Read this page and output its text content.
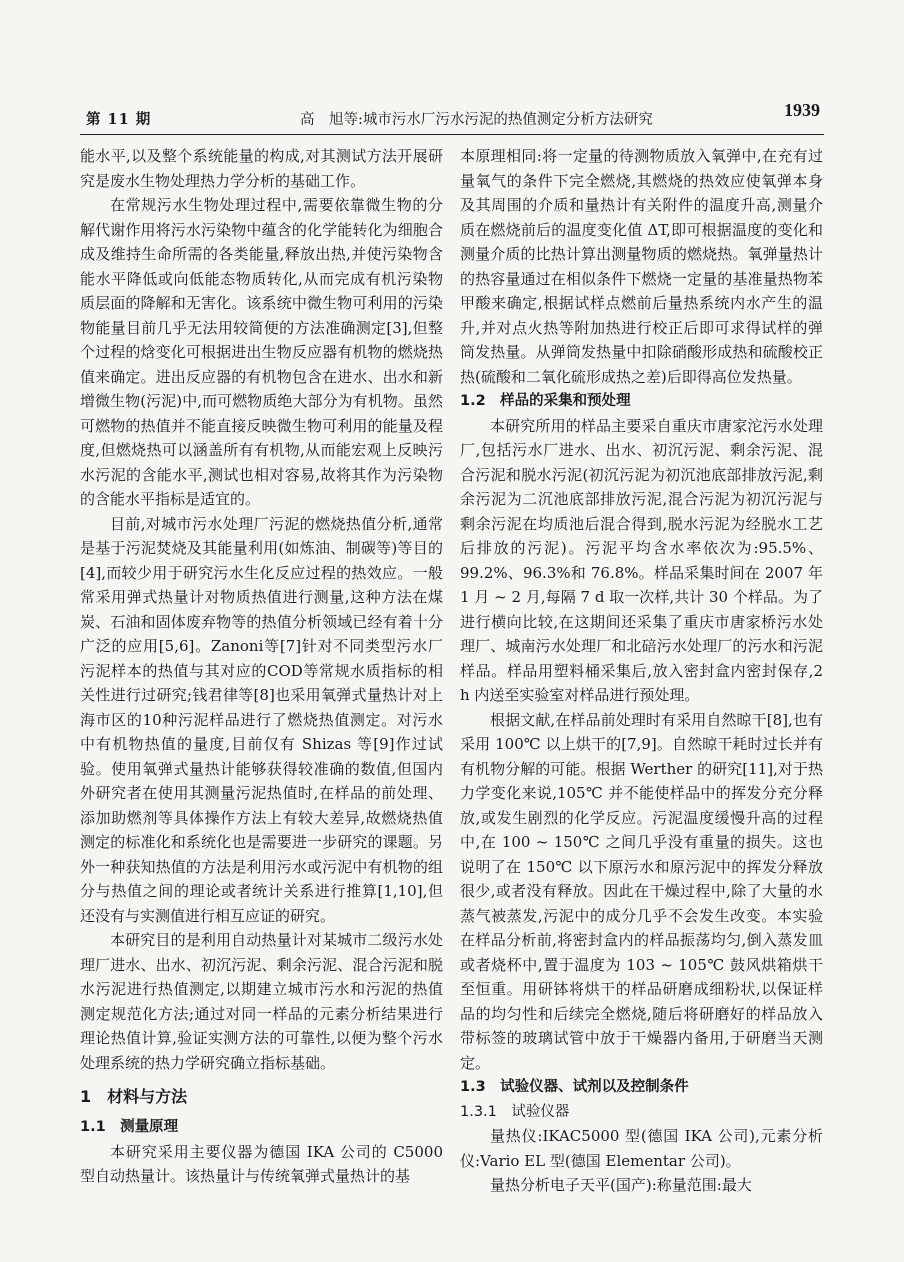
第 11 期	高　旭等:城市污水厂污水污泥的热值测定分析方法研究	1939

能水平,以及整个系统能量的构成,对其测试方法开展研究是废水生物处理热力学分析的基础工作。

在常规污水生物处理过程中,需要依靠微生物的分解代谢作用将污水污染物中蕴含的化学能转化为细胞合成及维持生命所需的各类能量,释放出热,并使污染物含能水平降低或向低能态物质转化,从而完成有机污染物质层面的降解和无害化。该系统中微生物可利用的污染物能量目前几乎无法用较简便的方法准确测定[3],但整个过程的焓变化可根据进出生物反应器有机物的燃烧热值来确定。进出反应器的有机物包含在进水、出水和新增微生物(污泥)中,而可燃物质绝大部分为有机物。虽然可燃物的热值并不能直接反映微生物可利用的能量及程度,但燃烧热可以涵盖所有有机物,从而能宏观上反映污水污泥的含能水平,测试也相对容易,故将其作为污染物的含能水平指标是适宜的。

目前,对城市污水处理厂污泥的燃烧热值分析,通常是基于污泥焚烧及其能量利用(如炼油、制碳等)等目的[4],而较少用于研究污水生化反应过程的热效应。一般常采用弹式热量计对物质热值进行测量,这种方法在煤炭、石油和固体废弃物等的热值分析领域已经有着十分广泛的应用[5,6]。Zanoni等[7]针对不同类型污水厂污泥样本的热值与其对应的COD等常规水质指标的相关性进行过研究;钱君律等[8]也采用氧弹式量热计对上海市区的10种污泥样品进行了燃烧热值测定。对污水中有机物热值的量度,目前仅有 Shizas 等[9]作过试验。使用氧弹式量热计能够获得较准确的数值,但国内外研究者在使用其测量污泥热值时,在样品的前处理、添加助燃剂等具体操作方法上有较大差异,故燃烧热值测定的标准化和系统化也是需要进一步研究的课题。另外一种获知热值的方法是利用污水或污泥中有机物的组分与热值之间的理论或者统计关系进行推算[1,10],但还没有与实测值进行相互应证的研究。

本研究目的是利用自动热量计对某城市二级污水处理厂进水、出水、初沉污泥、剩余污泥、混合污泥和脱水污泥进行热值测定,以期建立城市污水和污泥的热值测定规范化方法;通过对同一样品的元素分析结果进行理论热值计算,验证实测方法的可靠性,以便为整个污水处理系统的热力学研究确立指标基础。

1　材料与方法
1.1　测量原理

本研究采用主要仪器为德国 IKA 公司的 C5000 型自动热量计。该热量计与传统氧弹式量热计的基

本原理相同:将一定量的待测物质放入氧弹中,在充有过量氧气的条件下完全燃烧,其燃烧的热效应使氧弹本身及其周围的介质和量热计有关附件的温度升高,测量介质在燃烧前后的温度变化值 ΔT,即可根据温度的变化和测量介质的比热计算出测量物质的燃烧热。氧弹量热计的热容量通过在相似条件下燃烧一定量的基准量热物苯甲酸来确定,根据试样点燃前后量热系统内水产生的温升,并对点火热等附加热进行校正后即可求得试样的弹筒发热量。从弹筒发热量中扣除硝酸形成热和硫酸校正热(硫酸和二氧化硫形成热之差)后即得高位发热量。

1.2　样品的采集和预处理

本研究所用的样品主要采自重庆市唐家沱污水处理厂,包括污水厂进水、出水、初沉污泥、剩余污泥、混合污泥和脱水污泥(初沉污泥为初沉池底部排放污泥,剩余污泥为二沉池底部排放污泥,混合污泥为初沉污泥与剩余污泥在均质池后混合得到,脱水污泥为经脱水工艺后排放的污泥)。污泥平均含水率依次为:95.5%、99.2%、96.3%和 76.8%。样品采集时间在 2007 年 1 月 ~ 2 月,每隔 7 d 取一次样,共计 30 个样品。为了进行横向比较,在这期间还采集了重庆市唐家桥污水处理厂、城南污水处理厂和北碚污水处理厂的污水和污泥样品。样品用塑料桶采集后,放入密封盒内密封保存,2 h 内送至实验室对样品进行预处理。

根据文献,在样品前处理时有采用自然晾干[8],也有采用 100℃ 以上烘干的[7,9]。自然晾干耗时过长并有有机物分解的可能。根据 Werther 的研究[11],对于热力学变化来说,105℃ 并不能使样品中的挥发分充分释放,或发生剧烈的化学反应。污泥温度缓慢升高的过程中,在 100 ~ 150℃ 之间几乎没有重量的损失。这也说明了在 150℃ 以下原污水和原污泥中的挥发分释放很少,或者没有释放。因此在干燥过程中,除了大量的水蒸气被蒸发,污泥中的成分几乎不会发生改变。本实验在样品分析前,将密封盒内的样品振荡均匀,倒入蒸发皿或者烧杯中,置于温度为 103 ~ 105℃ 鼓风烘箱烘干至恒重。用研钵将烘干的样品研磨成细粉状,以保证样品的均匀性和后续完全燃烧,随后将研磨好的样品放入带标签的玻璃试管中放于干燥器内备用,于研磨当天测定。

1.3　试验仪器、试剂以及控制条件
1.3.1　试验仪器

量热仪:IKAC5000 型(德国 IKA 公司),元素分析仪:Vario EL 型(德国 Elementar 公司)。

量热分析电子天平(国产):称量范围:最大
